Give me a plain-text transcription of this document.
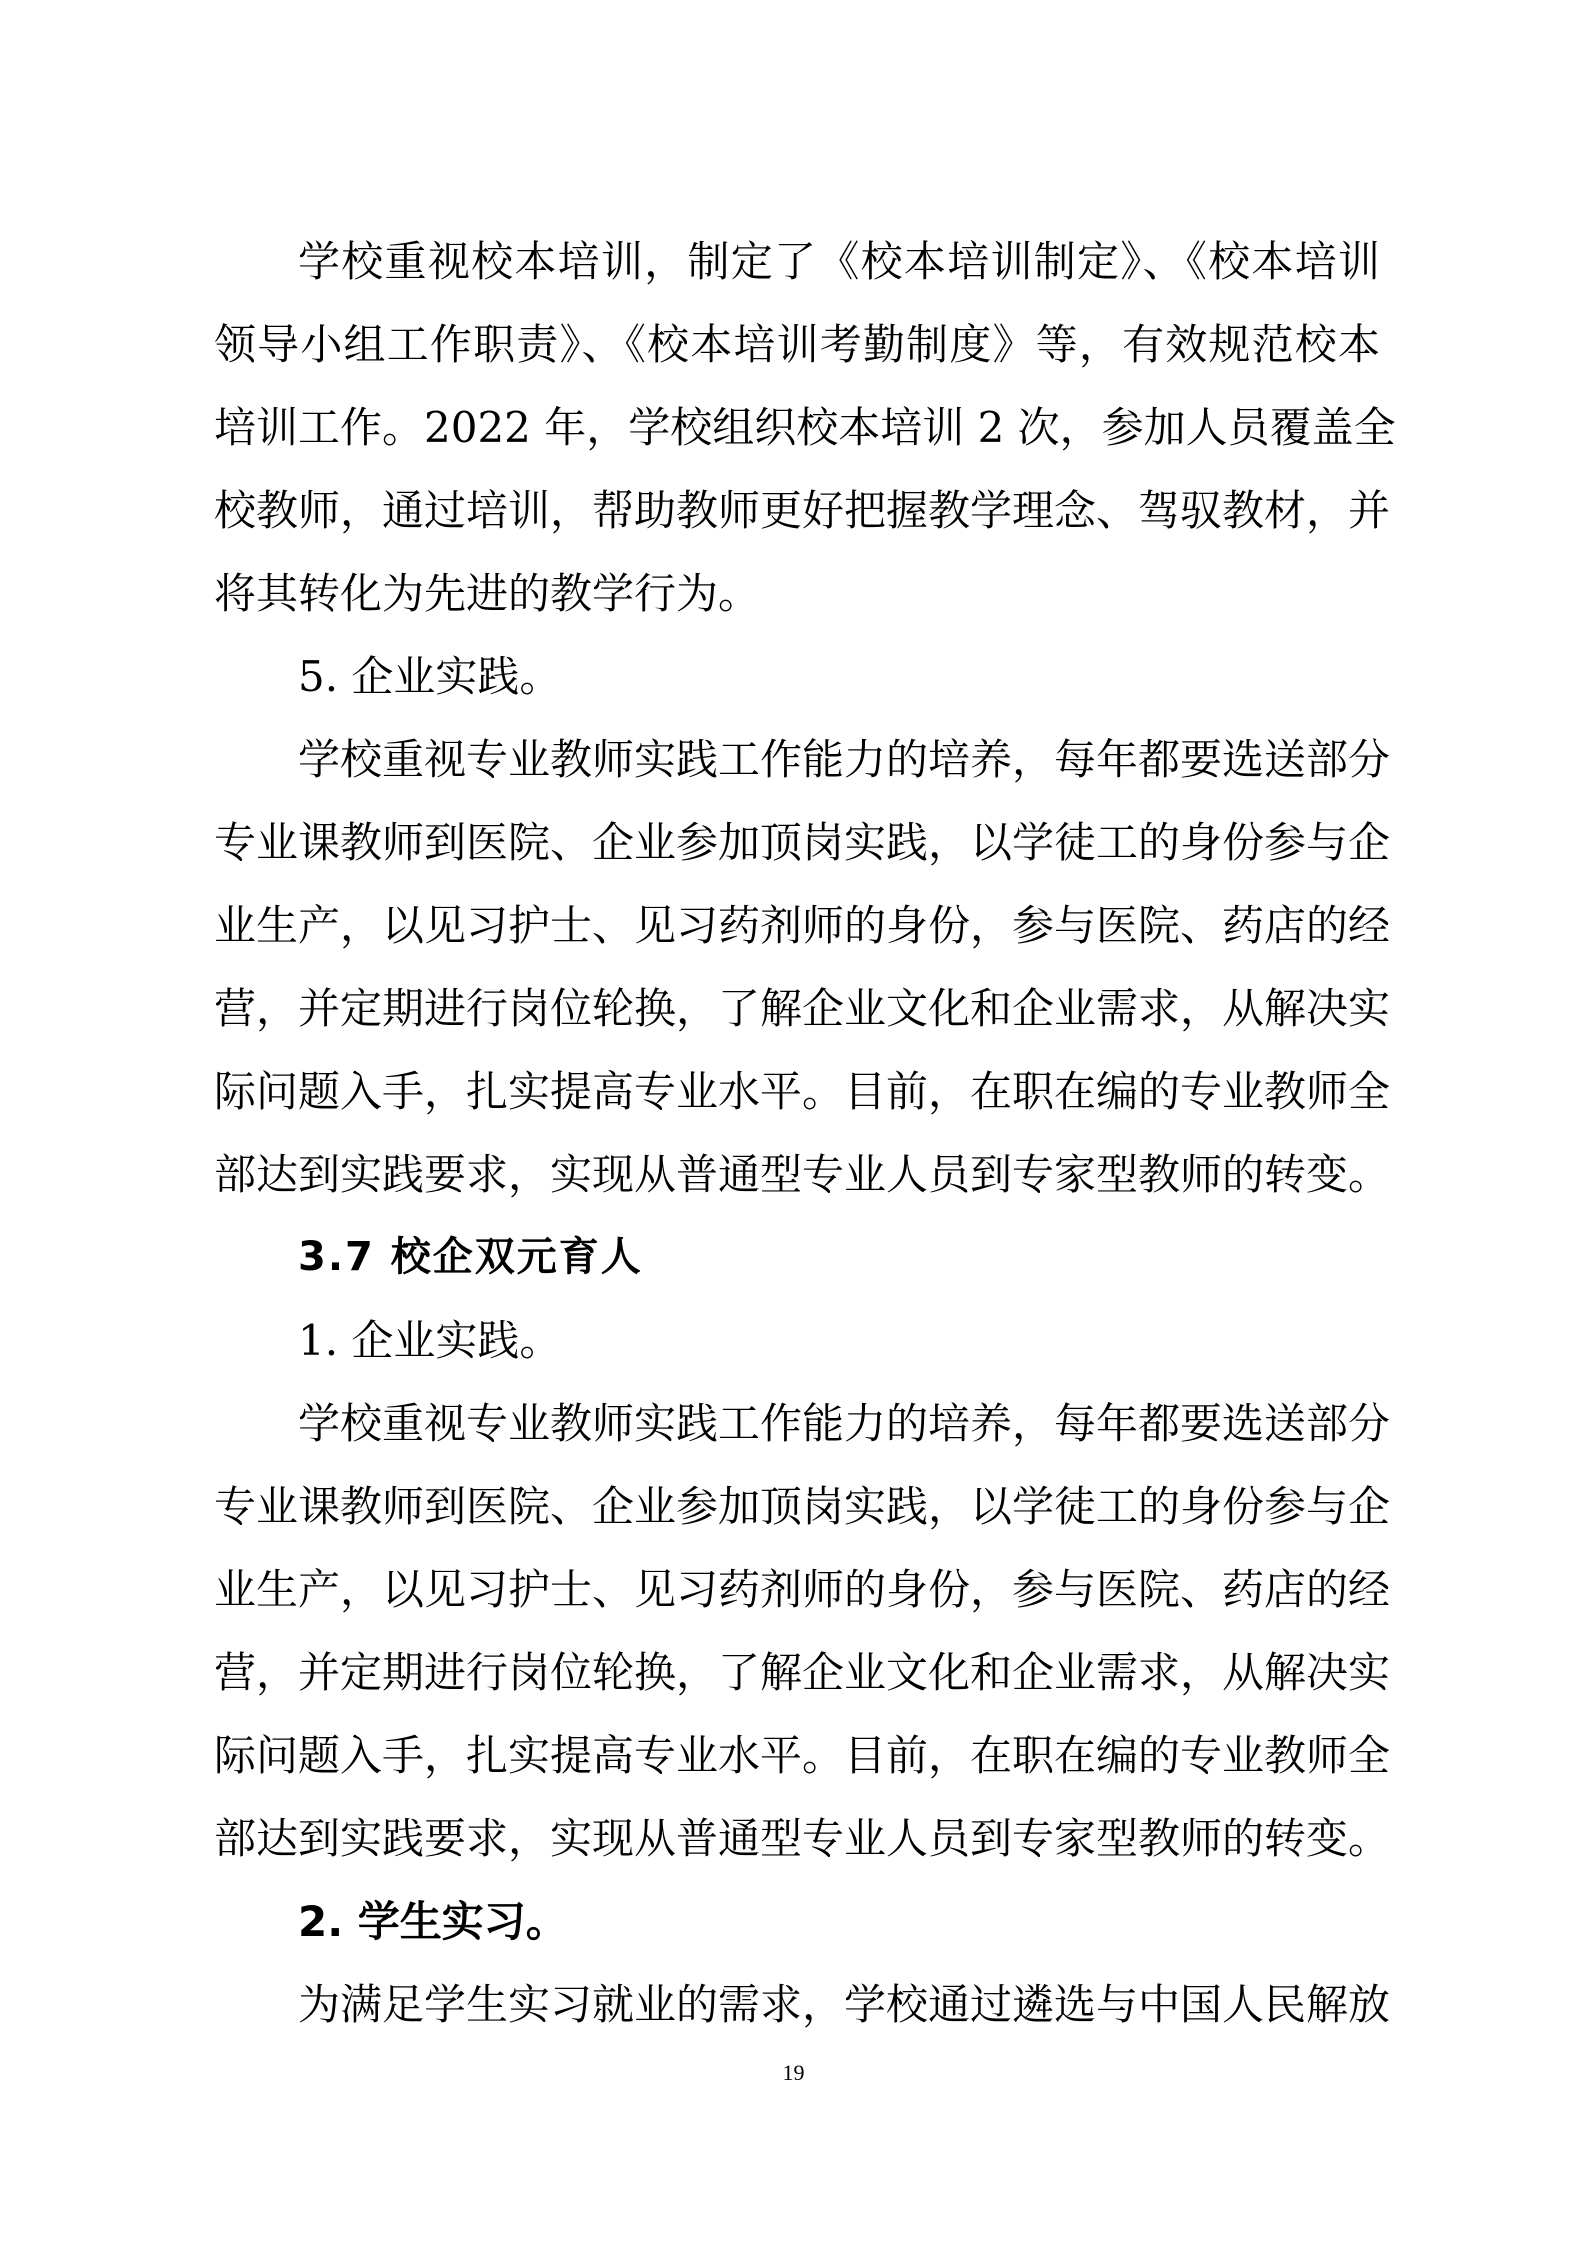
学校重视校本培训，制定了《校本培训制定》、《校本培训
领导小组工作职责》、《校本培训考勤制度》等，有效规范校本
培训工作。2022 年，学校组织校本培训 2 次，参加人员覆盖全
校教师，通过培训，帮助教师更好把握教学理念、驾驭教材，并
将其转化为先进的教学行为。
5. 企业实践。
学校重视专业教师实践工作能力的培养，每年都要选送部分
专业课教师到医院、企业参加顶岗实践，以学徒工的身份参与企
业生产，以见习护士、见习药剂师的身份，参与医院、药店的经
营，并定期进行岗位轮换，了解企业文化和企业需求，从解决实
际问题入手，扎实提高专业水平。目前，在职在编的专业教师全
部达到实践要求，实现从普通型专业人员到专家型教师的转变。
3.7 校企双元育人
1. 企业实践。
学校重视专业教师实践工作能力的培养，每年都要选送部分
专业课教师到医院、企业参加顶岗实践，以学徒工的身份参与企
业生产，以见习护士、见习药剂师的身份，参与医院、药店的经
营，并定期进行岗位轮换，了解企业文化和企业需求，从解决实
际问题入手，扎实提高专业水平。目前，在职在编的专业教师全
部达到实践要求，实现从普通型专业人员到专家型教师的转变。
2. 学生实习。
为满足学生实习就业的需求，学校通过遴选与中国人民解放
19
